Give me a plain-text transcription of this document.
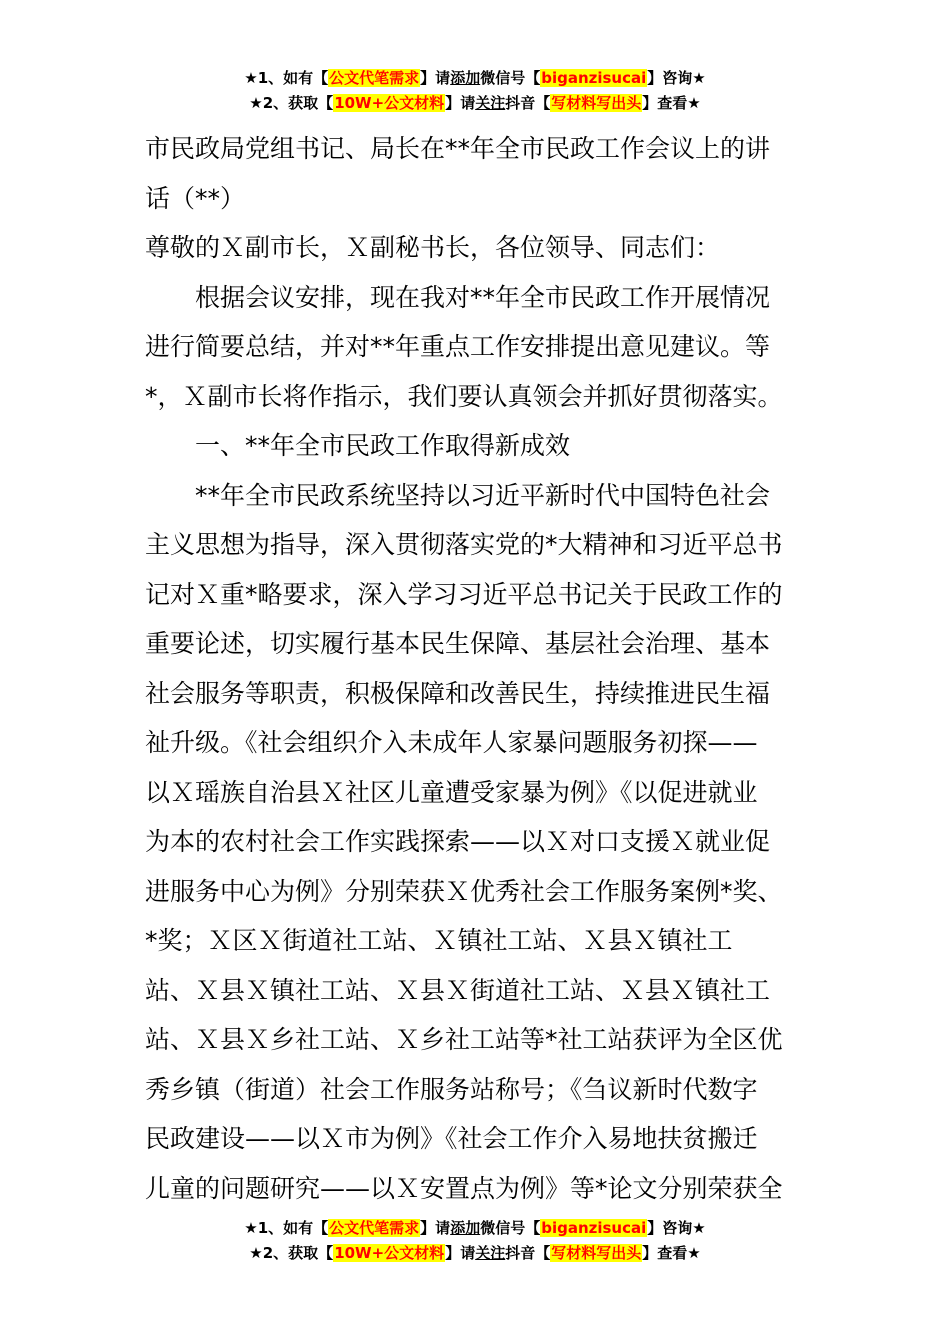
★1、如有【公文代笔需求】请添加微信号【biganzisucai】咨询★
★2、获取【10W+公文材料】请关注抖音【写材料写出头】查看★

市民政局党组书记、局长在**年全市民政工作会议上的讲

话（**）

尊敬的Ｘ副市长，Ｘ副秘书长，各位领导、同志们：

根据会议安排，现在我对**年全市民政工作开展情况

进行简要总结，并对**年重点工作安排提出意见建议。等

*，Ｘ副市长将作指示，我们要认真领会并抓好贯彻落实。

一、**年全市民政工作取得新成效

**年全市民政系统坚持以习近平新时代中国特色社会

主义思想为指导，深入贯彻落实党的*大精神和习近平总书

记对Ｘ重*略要求，深入学习习近平总书记关于民政工作的

重要论述，切实履行基本民生保障、基层社会治理、基本

社会服务等职责，积极保障和改善民生，持续推进民生福

祉升级。《社会组织介入未成年人家暴问题服务初探——

以Ｘ瑶族自治县Ｘ社区儿童遭受家暴为例》《以促进就业

为本的农村社会工作实践探索——以Ｘ对口支援Ｘ就业促

进服务中心为例》分别荣获Ｘ优秀社会工作服务案例*奖、

*奖；Ｘ区Ｘ街道社工站、Ｘ镇社工站、Ｘ县Ｘ镇社工

站、Ｘ县Ｘ镇社工站、Ｘ县Ｘ街道社工站、Ｘ县Ｘ镇社工

站、Ｘ县Ｘ乡社工站、Ｘ乡社工站等*社工站获评为全区优

秀乡镇（街道）社会工作服务站称号；《刍议新时代数字

民政建设——以Ｘ市为例》《社会工作介入易地扶贫搬迁

儿童的问题研究——以Ｘ安置点为例》等*论文分别荣获全

★1、如有【公文代笔需求】请添加微信号【biganzisucai】咨询★
★2、获取【10W+公文材料】请关注抖音【写材料写出头】查看★
